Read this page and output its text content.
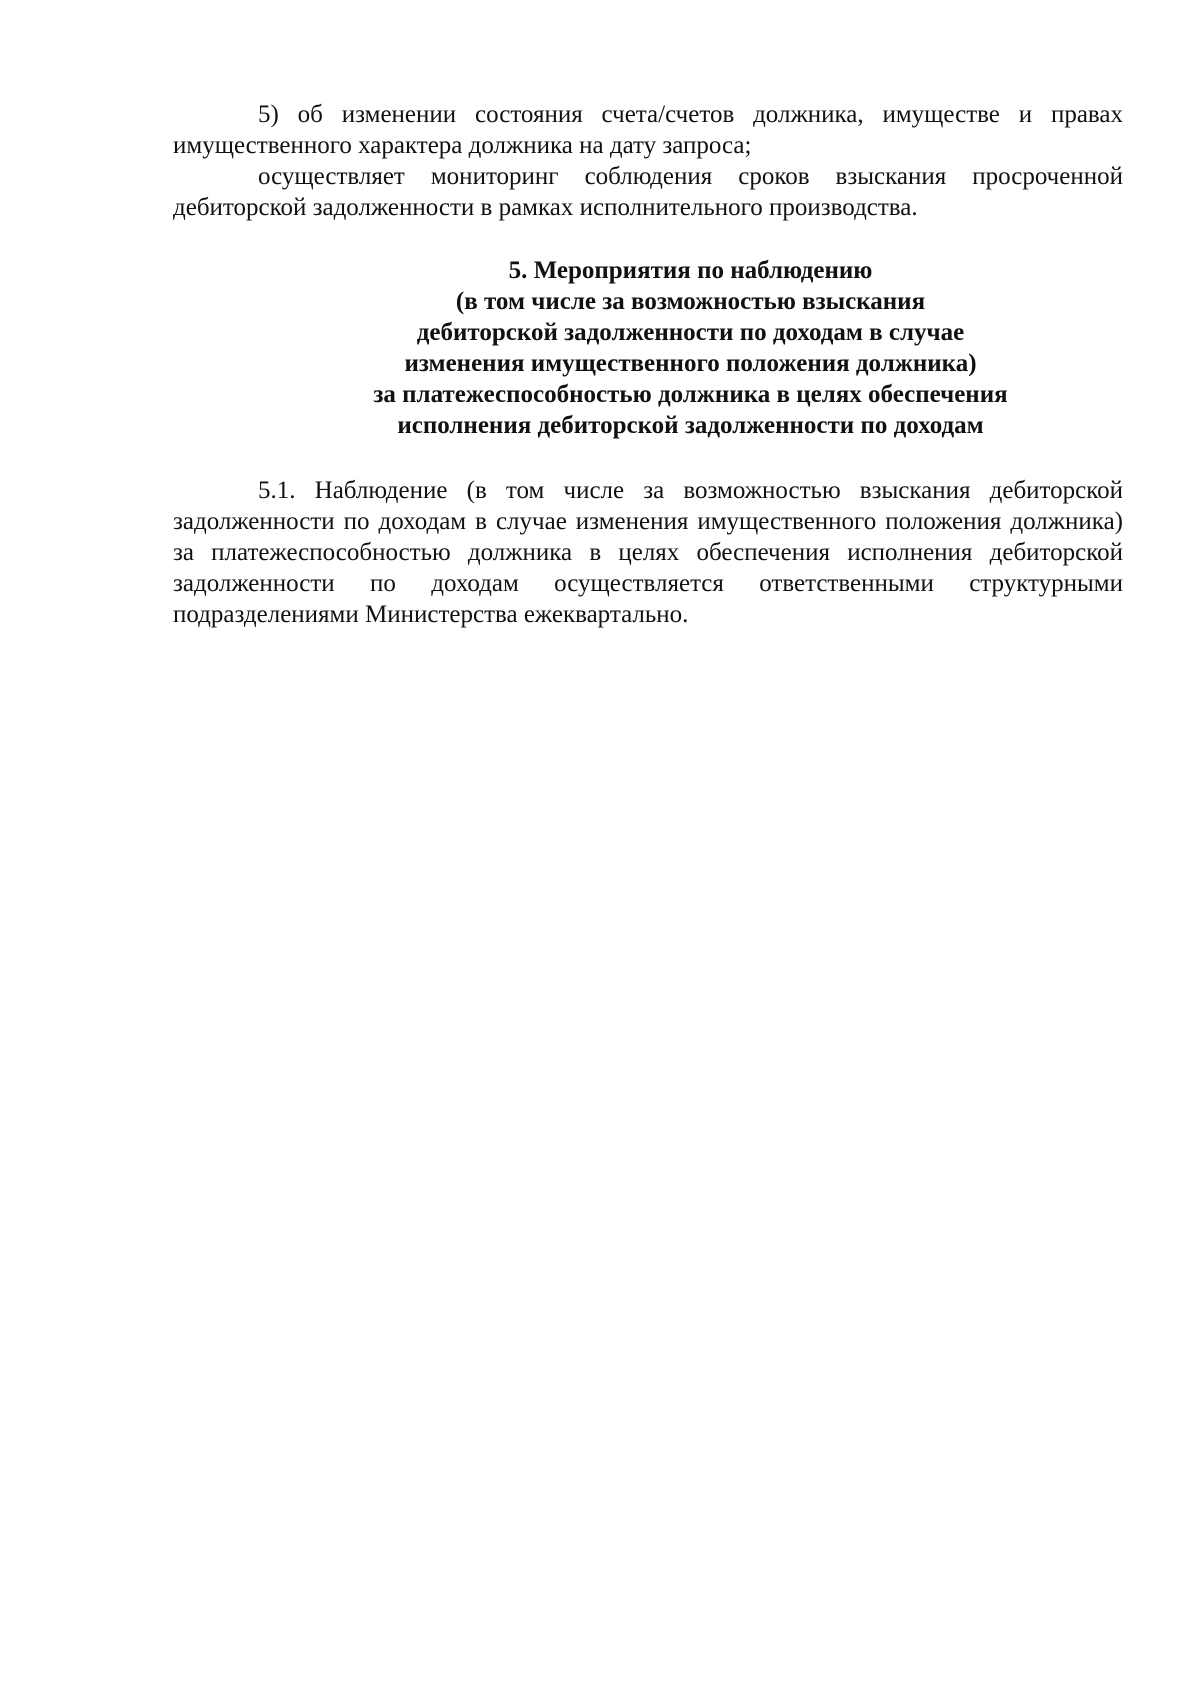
5) об изменении состояния счета/счетов должника, имуществе и правах имущественного характера должника на дату запроса;

осуществляет мониторинг соблюдения сроков взыскания просроченной дебиторской задолженности в рамках исполнительного производства.

5. Мероприятия по наблюдению
(в том числе за возможностью взыскания
дебиторской задолженности по доходам в случае
изменения имущественного положения должника)
за платежеспособностью должника в целях обеспечения
исполнения дебиторской задолженности по доходам

5.1. Наблюдение (в том числе за возможностью взыскания дебиторской задолженности по доходам в случае изменения имущественного положения должника) за платежеспособностью должника в целях обеспечения исполнения дебиторской задолженности по доходам осуществляется ответственными структурными подразделениями Министерства ежеквартально.
